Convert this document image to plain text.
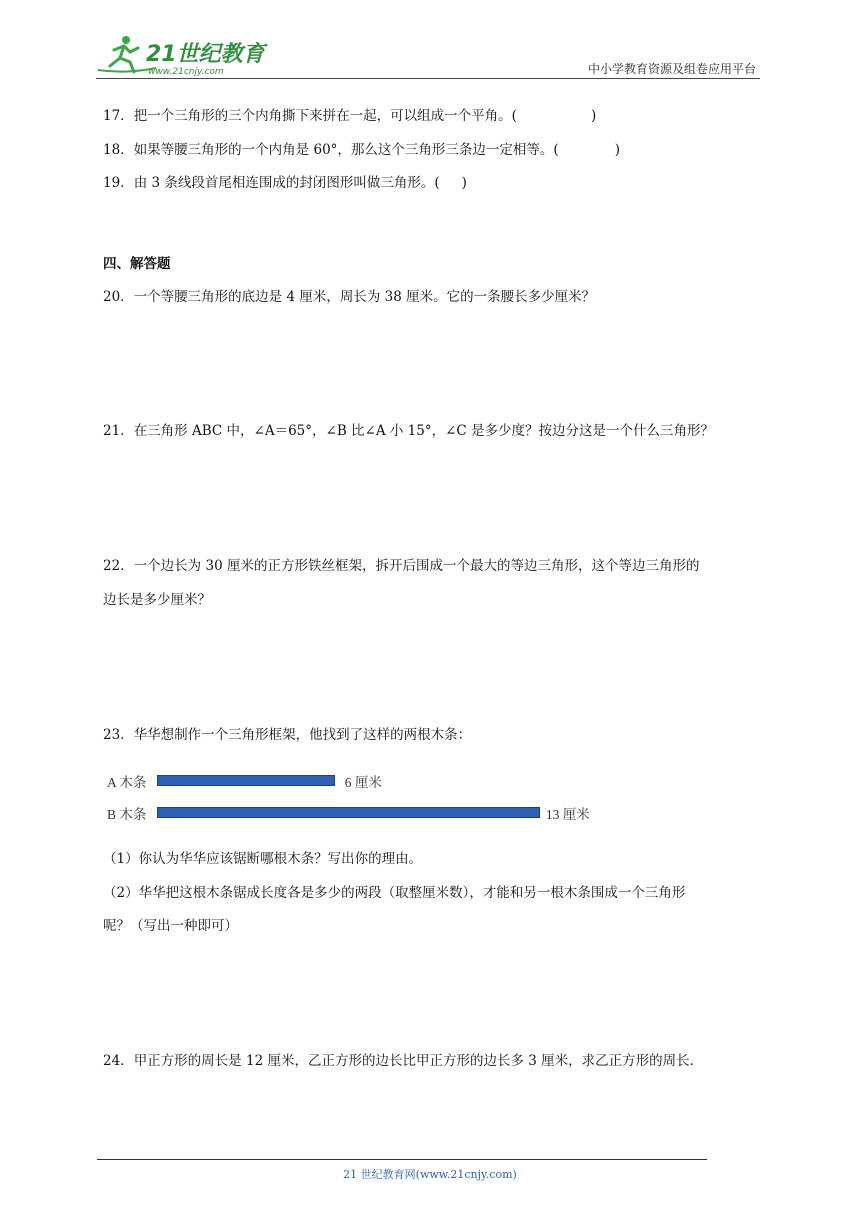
21世纪教育
www.21cnjy.com	中小学教育资源及组卷应用平台
17．把一个三角形的三个内角撕下来拼在一起，可以组成一个平角。(	)
18．如果等腰三角形的一个内角是 60°，那么这个三角形三条边一定相等。(	)
19．由 3 条线段首尾相连围成的封闭图形叫做三角形。( )
四、解答题
20．一个等腰三角形的底边是 4 厘米，周长为 38 厘米。它的一条腰长多少厘米？
21．在三角形 ABC 中，∠A＝65°，∠B 比∠A 小 15°，∠C 是多少度？按边分这是一个什么三角形？
22．一个边长为 30 厘米的正方形铁丝框架，拆开后围成一个最大的等边三角形，这个等边三角形的
边长是多少厘米？
23．华华想制作一个三角形框架，他找到了这样的两根木条：
A 木条	6 厘米
B 木条	13 厘米
（1）你认为华华应该锯断哪根木条？写出你的理由。
（2）华华把这根木条锯成长度各是多少的两段（取整厘米数），才能和另一根木条围成一个三角形
呢？（写出一种即可）
24．甲正方形的周长是 12 厘米，乙正方形的边长比甲正方形的边长多 3 厘米，求乙正方形的周长．
21 世纪教育网(www.21cnjy.com)
